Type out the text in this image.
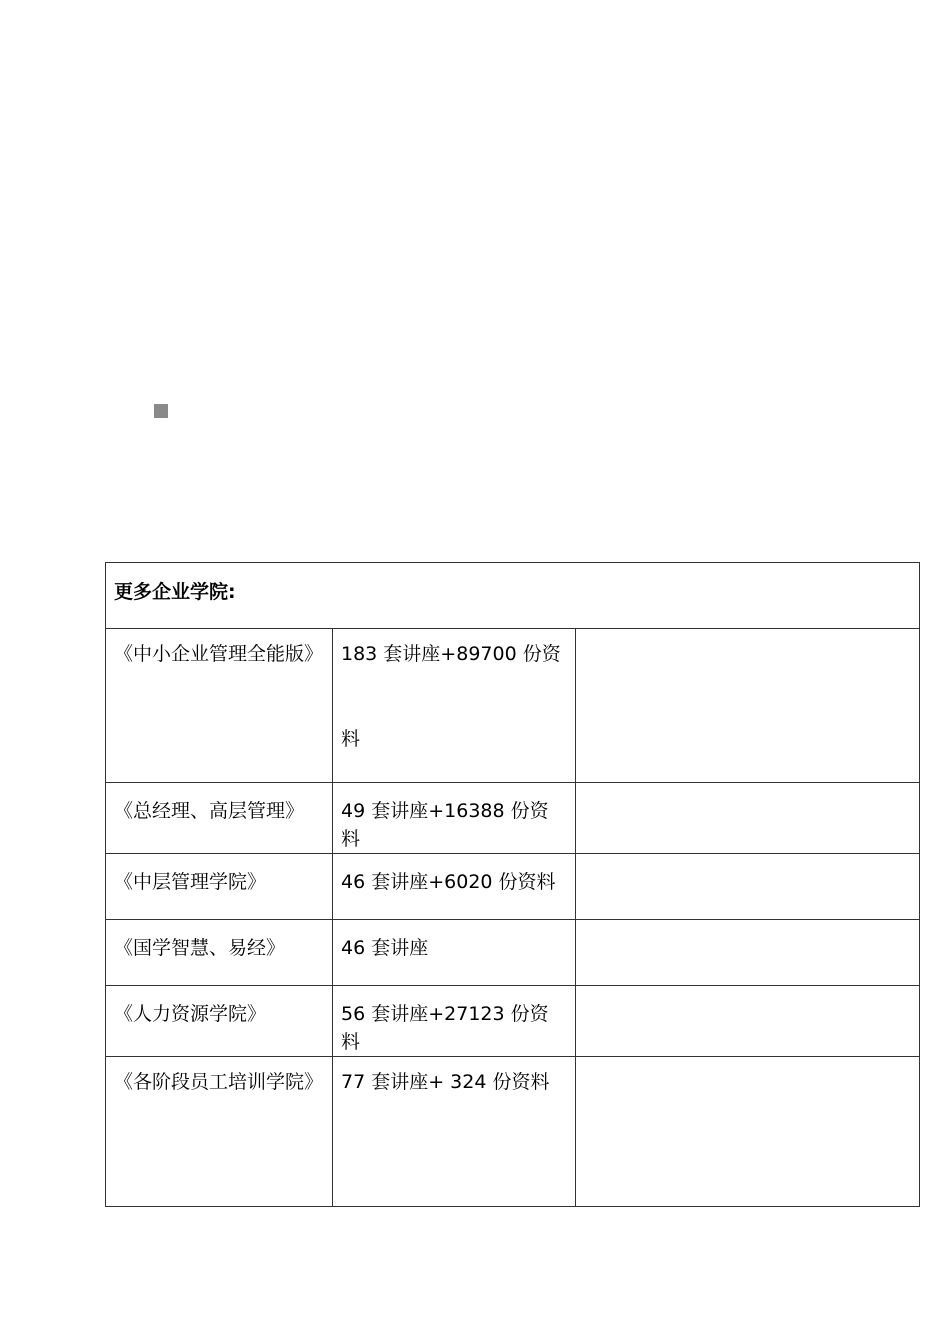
更多企业学院:		

《中小企业管理全能版》	183 套讲座+89700 份资料	

《总经理、高层管理》	49 套讲座+16388 份资料	

《中层管理学院》	46 套讲座+6020 份资料	

《国学智慧、易经》	46 套讲座	

《人力资源学院》	56 套讲座+27123 份资料	

《各阶段员工培训学院》	77 套讲座+ 324 份资料	
